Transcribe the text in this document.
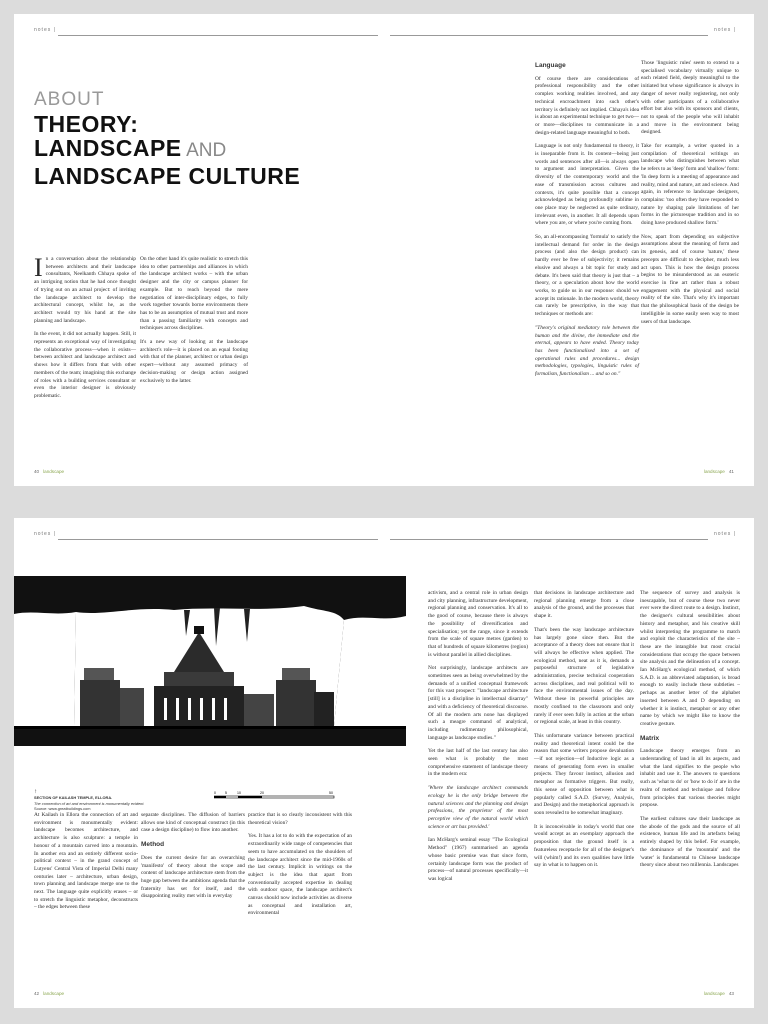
notes |	notes |
ABOUT
THEORY:
LANDSCAPE AND
LANDSCAPE CULTURE

In a conversation about the relationship between architects and their landscape consultants, Neelkanth Chhaya spoke of an intriguing notion that he had once thought of trying out on an actual project: of inviting the landscape architect to develop the architectural concept, whilst he, as the architect would try his hand at the site planning and landscape.

In the event, it did not actually happen. Still, it represents an exceptional way of investigating the collaborative process—when it exists—between architect and landscape architect and shows how it differs from that with other members of the team; imagining this exchange of roles with a building services consultant or even the interior designer is obviously problematic.

On the other hand it's quite realistic to stretch this idea to other partnerships and alliances in which the landscape architect works – with the urban designer and the city or campus planner for example. But to reach beyond the mere negotiation of inter-disciplinary edges, to fully work together towards borne environments there has to be an assumption of mutual trust and more than a passing familiarity with concepts and techniques across disciplines.

It's a new way of looking at the landscape architect's role—it is placed on an equal footing with that of the planner, architect or urban design expert—without any assumed primacy of decision-making or design action assigned exclusively to the latter.

Language

Of course there are considerations of professional responsibility and the other complex working realities involved, and any technical encroachment into such other's territory is definitely not implied. Chhaya's idea is about an experimental technique to get two—or more—disciplines to communicate in a design-related language meaningful to both.

Language is not only fundamental to theory, it is inseparable from it. Its content—being just words and sentences after all—is always open to argument and interpretation. Given the diversity of the contemporary world and the ease of transmission across cultures and contexts, it's quite possible that a concept acknowledged as being profoundly sublime in one place may be neglected as quite ordinary, irrelevant even, in another. It all depends upon where you are, or where you're coming from.

So, an all-encompassing 'formula' to satisfy the intellectual demand for order in the design process (and also the design product) can hardly ever be free of subjectivity; it remains elusive and always a bit topic for study and debate. It's been said that theory is just that – a theory, or a speculation about how the world works, to guide us in our response: should we accept its rationale. In the modern world, theory can rarely be prescriptive, in the way that techniques or methods are:

"Theory's original mediatory role between the human and the divine, the immediate and the eternal, appears to have ended. Theory today has been functionalised into a set of operational rules and procedures... design methodologies, typologies, linguistic rules of formalism, functionalism ... and so on."

Those 'linguistic rules' seem to extend to a specialised vocabulary virtually unique to each related field, deeply meaningful to the initiated but whose significance is always in danger of never really registering, not only with other participants of a collaborative effort but also with its sponsors and clients, not to speak of the people who will inhabit and move in the environment being designed.

Take for example, a writer quoted in a compilation of theoretical writings on landscape who distinguishes between what he refers to as 'deep' form and 'shallow' form: 'In deep form is a meeting of appearance and reality, mind and nature, art and science. And again, in reference to landscape designers, complains: 'too often they have responded to nature by shaping pale limitations of her forms in the picturesque tradition and in so doing have produced shallow form.'

Now, apart from depending on subjective assumptions about the meaning of form and its genesis, and of course 'nature,' these precepts are difficult to decipher, much less act upon. This is how the design process begins to be misunderstood as an esoteric exercise in fine art rather than a robust engagement with the physical and social reality of the site. That's why it's important that the philosophical basis of the design be intelligible in some easily seen way to most users of that landscape.

40 landscape	landscape 41
notes |	notes |
↑
SECTION OF KAILASH TEMPLE, ELLORA.
The connection of art and environment is monumentally evident.
Source: www.greatbuildings.com
0	5	10	20	50

At Kailash in Ellora the connection of art and environment is monumentally evident: landscape becomes architecture, and architecture is also sculpture: a temple in honour of a mountain carved into a mountain. In another era and an entirely different socio-political context – in the grand concept of Lutyens' Central Vista of Imperial Delhi many centuries later – architecture, urban design, town planning and landscape merge one to the next. The language quite explicitly erases – or to stretch the linguistic metaphor, deconstructs – the edges between these

separate disciplines. The diffusion of barriers allows one kind of conceptual construct (in this case a design discipline) to flow into another.

Method

Does the current desire for an overarching 'manifesto' of theory about the scope and content of landscape architecture stem from the huge gap between the ambitions agenda that the fraternity has set for itself, and the disappointing reality met with in everyday

practice that is so clearly inconsistent with this theoretical vision?

Yes. It has a lot to do with the expectation of an extraordinarily wide range of competencies that seem to have accumulated on the shoulders of the landscape architect since the mid-1960s of the last century. Implicit in writings on the subject is the idea that apart from conventionally accepted expertise in dealing with outdoor space, the landscape architect's canvas should now include activities as diverse as conceptual and installation art, environmental

activism, and a central role in urban design and city planning, infrastructure development, regional planning and conservation. It's all to the good of course, because there is always the possibility of diversification and specialisation; yet the range, since it extends from the scale of square metres (garden) to that of hundreds of square kilometres (region) is without parallel in allied disciplines.

Not surprisingly, landscape architects are sometimes seen as being overwhelmed by the demands of a unified conceptual framework for this vast prospect: "landscape architecture [still] is a discipline in intellectual disarray" and with a deficiency of theoretical discourse. Of all the modern arts none has displayed such a meagre command of analytical, including rudimentary philosophical, language as landscape studies."

Yet the last half of the last century has also seen what is probably the most comprehensive statement of landscape theory in the modern era:

'Where the landscape architect commands ecology he is the only bridge between the natural sciences and the planning and design professions, the proprietor of the most perceptive view of the natural world which science or art has provided.'

Ian McHarg's seminal essay "The Ecological Method" (1967) summarised an agenda whose basic premise was that since form, certainly landscape form was the product of process—of natural processes specifically—it was logical

that decisions in landscape architecture and regional planning emerge from a close analysis of the ground, and the processes that shape it.

That's been the way landscape architecture has largely gone since then. But the acceptance of a theory does not ensure that it will always be effective when applied. The ecological method, neat as it is, demands a purposeful structure of legislative administration, precise technical cooperation across disciplines, and real political will to face the environmental issues of the day. Without these its powerful principles are mostly confined to the classroom and only rarely if ever seen fully in action at the urban or regional scale, at least in this country.

This unfortunate variance between practical reality and theoretical intent could be the reason that some writers propose devaluation—if not rejection—of Inductive logic as a means of generating form even in smaller projects. They favour instinct, allusion and metaphor as formative triggers. But really, this sense of opposition between what is popularly called S.A.D. (Survey, Analysis, and Design) and the metaphorical approach is soon revealed to be somewhat imaginary.

It is inconceivable in today's world that one would accept as an exemplary approach the proposition that the ground itself is a featureless receptacle for all of the designer's will (whim!) and its own qualities have little say in what is to happen on it.

The sequence of survey and analysis is inescapable, but of course these two never ever were the direct route to a design. Instinct, the designer's cultural sensibilities about history and metaphor, and his creative skill whilst interpreting the programme to match and exploit the characteristics of the site – these are the intangible but most crucial considerations that occupy the space between site analysis and the delineation of a concept. Ian McHarg's ecological method, of which S.A.D. is an abbreviated adaptation, is broad enough to easily include these subtleties – perhaps as another letter of the alphabet inserted between A and D depending on whether it is instinct, metaphor or any other name by which we might like to know the creative gesture.

Matrix

Landscape theory emerges from an understanding of land in all its aspects, and what the land signifies to the people who inhabit and use it. The answers to questions such as 'what to do' or 'how to do it' are in the realm of method and technique and follow from principles that various theories might propose.

The earliest cultures saw their landscape as the abode of the gods and the source of all existence, human life and its artefacts being entirely shaped by this belief. For example, the dominance of the 'mountain' and the 'water' is fundamental to Chinese landscape theory since about two millennia. Landscapes

42 landscape	landscape 43
